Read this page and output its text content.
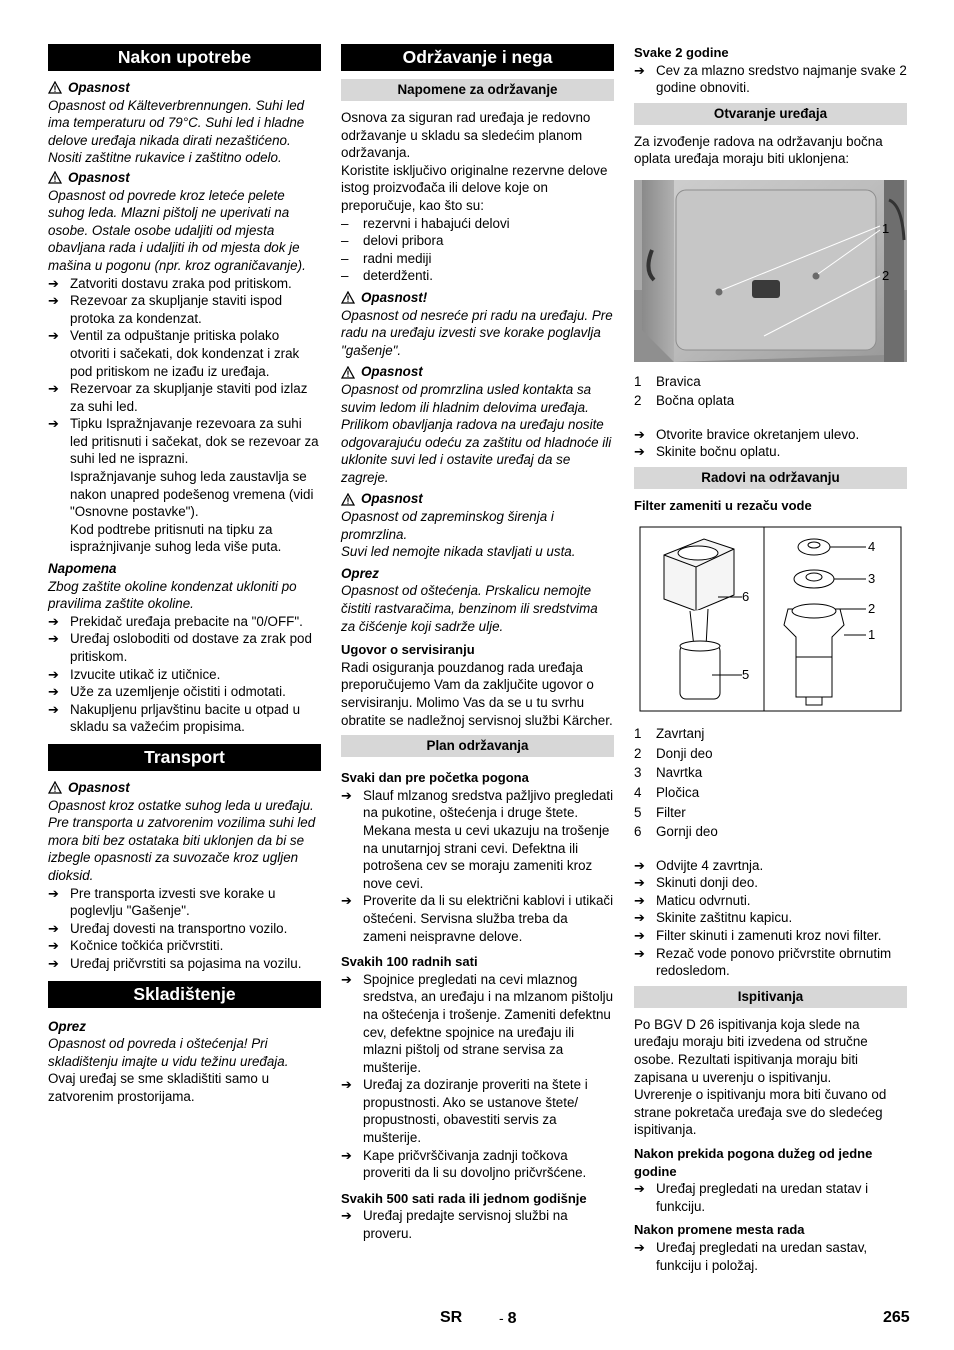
Nakon upotrebe
Opasnost

Opasnost od Kälteverbrennungen. Suhi led ima temperaturu od 79°C. Suhi led i hladne delove uređaja nikada dirati nezaštićeno. Nositi zaštitne rukavice i zaštitno odelo.

Opasnost

Opasnost od povrede kroz leteće pelete suhog leda. Mlazni pištolj ne uperivati na osobe. Ostale osobe udaljiti od mjesta obavljana rada i udaljiti ih od mjesta dok je mašina u pogonu (npr. kroz ograničavanje).

➔ Zatvoriti dostavu zraka pod pritiskom.
➔ Rezevoar za skupljanje staviti ispod protoka za kondenzat.
➔ Ventil za odpuštanje pritiska polako otvoriti i sačekati, dok kondenzat i zrak pod pritiskom ne izađu iz uređaja.
➔ Rezervoar za skupljanje staviti pod izlaz za suhi led.
➔ Tipku Ispražnjavanje rezevoara za suhi led pritisnuti i sačekat, dok se rezevoar za suhi led ne isprazni.

Ispražnjavanje suhog leda zaustavlja se nakon unapred podešenog vremena (vidi "Osnovne postavke").

Kod podtrebe pritisnuti na tipku za isprażnjivanje suhog leda više puta.

Napomena

Zbog zaštite okoline kondenzat ukloniti po pravilima zaštite okoline.

➔ Prekidač uređaja prebacite na "0/OFF".
➔ Uređaj osloboditi od dostave za zrak pod pritiskom.
➔ Izvucite utikač iz utičnice.
➔ Uže za uzemljenje očistiti i odmotati.
➔ Nakupljenu prljavštinu bacite u otpad u skladu sa važećim propisima.
Transport
Opasnost

Opasnost kroz ostatke suhog leda u uređaju. Pre transporta u zatvorenim vozilima suhi led mora biti bez ostataka biti uklonjen da bi se izbegle opasnosti za suvozače kroz ugljen dioksid.

➔ Pre transporta izvesti sve korake u poglevlju "Gašenje".
➔ Uređaj dovesti na transportno vozilo.
➔ Kočnice točkića pričvrstiti.
➔ Uređaj pričvrstiti sa pojasima na vozilu.
Skladištenje
Oprez

Opasnost od povreda i oštećenja! Pri skladištenju imajte u vidu težinu uređaja.

Ovaj uređaj se sme skladištiti samo u zatvorenim prostorijama.

Održavanje i nega
Napomene za održavanje

Osnova za siguran rad uređaja je redovno održavanje u skladu sa sledećim planom održavanja.

Koristite isključivo originalne rezervne delove istog proizvođača ili delove koje on preporučuje, kao što su:

– rezervni i habajući delovi
– delovi pribora
– radni mediji
– deterdženti.
Opasnost!

Opasnost od nesreće pri radu na uređaju. Pre radu na uređaju izvesti sve korake poglavlja "gašenje".

Opasnost

Opasnost od promrzlina usled kontakta sa suvim ledom ili hladnim delovima uređaja. Prilikom obavljanja radova na uređaju nosite odgovarajuću odeću za zaštitu od hladnoće ili uklonite suvi led i ostavite uređaj da se zagreje.

Opasnost

Opasnost od zapreminskog širenja i promrzlina.

Suvi led nemojte nikada stavljati u usta.

Oprez

Opasnost od oštećenja. Prskalicu nemojte čistiti rastvaračima, benzinom ili sredstvima za čišćenje koji sadrže ulje.

Ugovor o servisiranju

Radi osiguranja pouzdanog rada uređaja preporučujemo Vam da zaključite ugovor o servisiranju. Molimo Vas da se u tu svrhu obratite se nadležnoj servisnoj službi Kärcher.

Plan održavanja
Svaki dan pre početka pogona
➔ Slauf mlzanog sredstva pažljivo pregledati na pukotine, oštećenja i druge štete. Mekana mesta u cevi ukazuju na trošenje na unutarnjoj strani cevi. Defektna ili potrošena cev se moraju zameniti kroz nove cevi.
➔ Proverite da li su električni kablovi i utikači oštećeni. Servisna služba treba da zameni neispravne delove.
Svakih 100 radnih sati
➔ Spojnice pregledati na cevi mlaznog sredstva, an uređaju i na mlzanom pištolju na oštećenja i trošenje. Zameniti defektnu cev, defektne spojnice na uređaju ili mlazni pištolj od strane servisa za mušterije.
➔ Uređaj za doziranje proveriti na štete i propustnosti. Ako se ustanove štete/ propustnosti, obavestiti servis za mušterije.
➔ Kape pričvrščivanja zadnji točkova proveriti da li su dovoljno pričvršćene.
Svakih 500 sati rada ili jednom godišnje
➔ Uređaj predajte servisnoj službi na proveru.
Svake 2 godine
➔ Cev za mlazno sredstvo najmanje svake 2 godine obnoviti.
Otvaranje uređaja

Za izvođenje radova na održavanju bočna oplata uređaja moraju biti uklonjena:

1
2
1 Bravica
2 Bočna oplata
➔ Otvorite bravice okretanjem ulevo.
➔ Skinite bočnu oplatu.
Radovi na održavanju
Filter zameniti u rezaču vode
6
5
4
3
2
1
1 Zavrtanj
2 Donji deo
3 Navrtka
4 Pločica
5 Filter
6 Gornji deo
➔ Odvijte 4 zavrtnja.
➔ Skinuti donji deo.
➔ Maticu odvrnuti.
➔ Skinite zaštitnu kapicu.
➔ Filter skinuti i zamenuti kroz novi filter.
➔ Rezač vode ponovo pričvrstite obrnutim redosledom.
Ispitivanja

Po BGV D 26 ispitivanja koja slede na uređaju moraju biti izvedena od stručne osobe. Rezultati ispitivanja moraju biti zapisana u uverenju o ispitivanju.

Uvrerenje o ispitivanju mora biti čuvano od strane pokretača uređaja sve do sledećeg ispitivanja.

Nakon prekida pogona dužeg od jedne godine
➔ Uređaj pregledati na uredan statav i funkciju.
Nakon promene mesta rada
➔ Uređaj pregledati na uredan sastav, funkciju i položaj.
SR	- 8	265
